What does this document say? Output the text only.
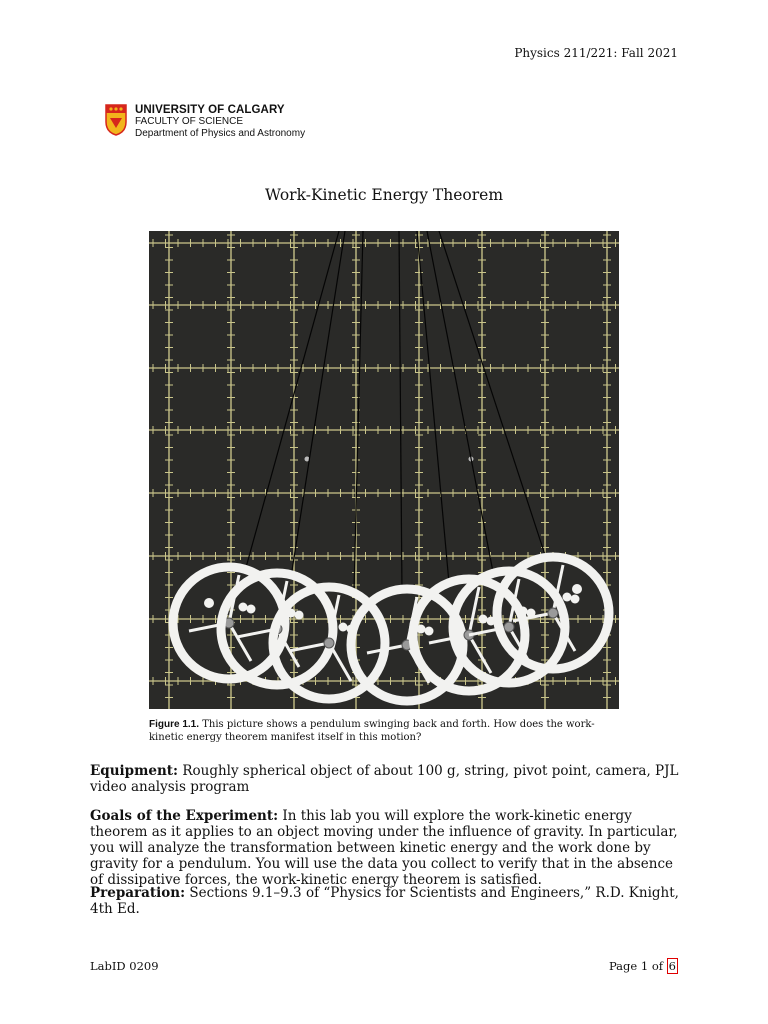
Physics 211/221: Fall 2021
UNIVERSITY OF CALGARY
FACULTY OF SCIENCE
Department of Physics and Astronomy
Work-Kinetic Energy Theorem
Figure 1.1. This picture shows a pendulum swinging back and forth. How does the work-kinetic energy theorem manifest itself in this motion?
Equipment: Roughly spherical object of about 100 g, string, pivot point, camera, PJL video analysis program
Goals of the Experiment: In this lab you will explore the work-kinetic energy theorem as it applies to an object moving under the influence of gravity. In particular, you will analyze the transformation between kinetic energy and the work done by gravity for a pendulum. You will use the data you collect to verify that in the absence of dissipative forces, the work-kinetic energy theorem is satisfied.
Preparation: Sections 9.1–9.3 of “Physics for Scientists and Engineers,” R.D. Knight, 4th Ed.
LabID 0209	Page 1 of 6
